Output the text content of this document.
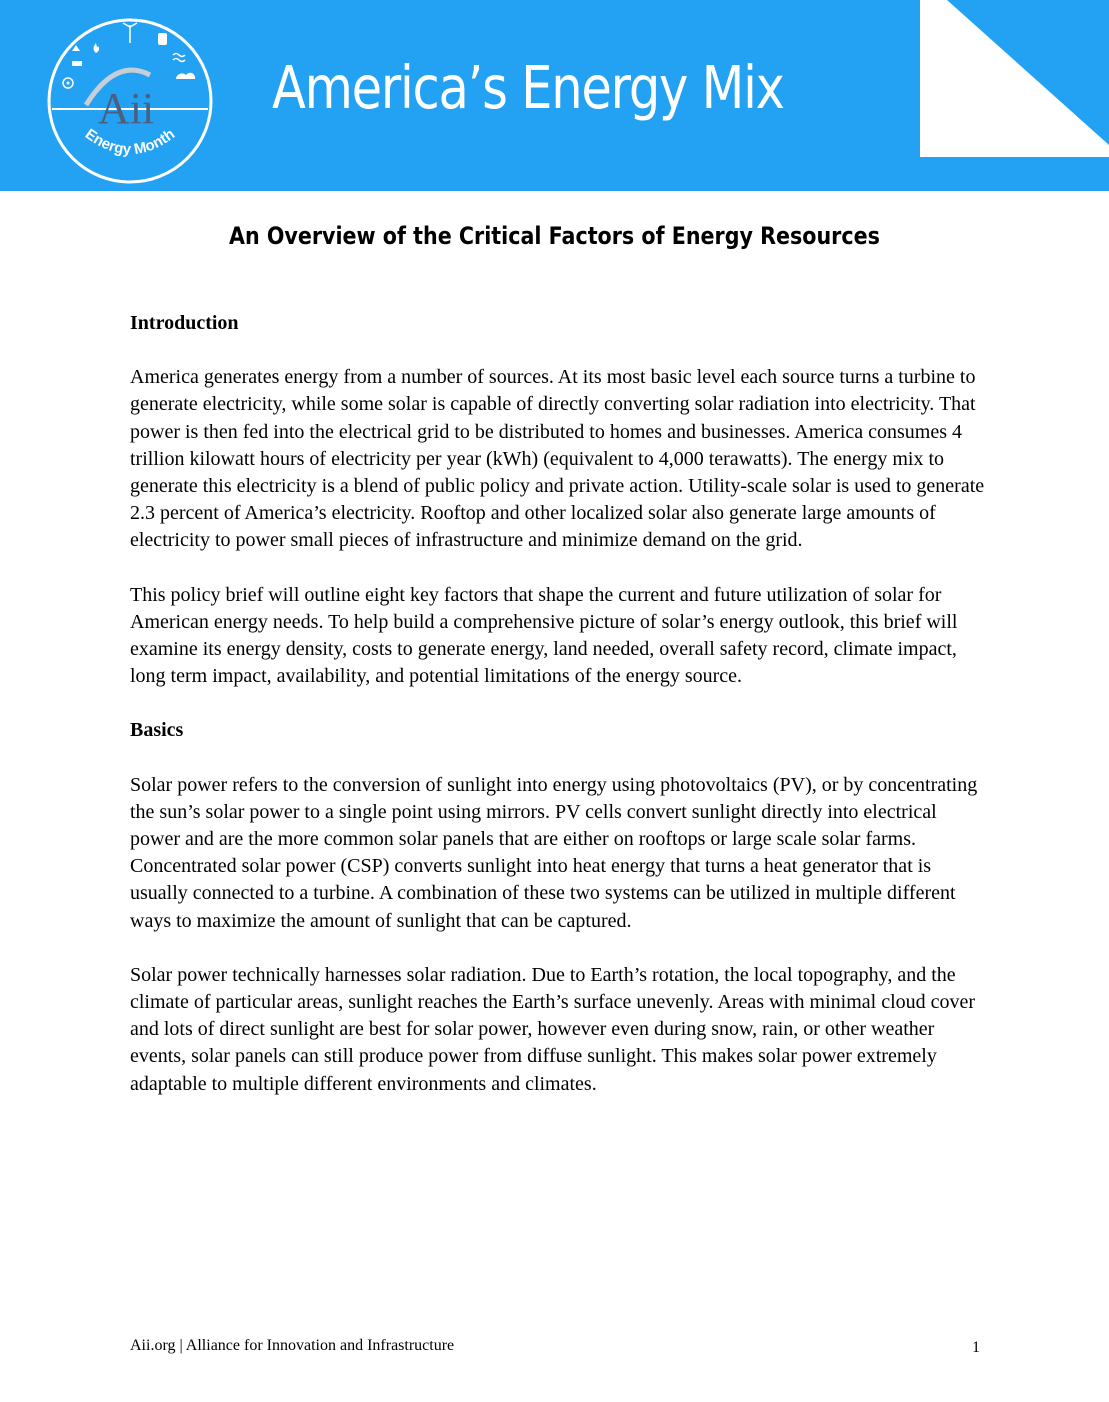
Aii
Energy Month
America’s Energy Mix
An Overview of the Critical Factors of Energy Resources
Introduction

America generates energy from a number of sources. At its most basic level each source turns a turbine to generate electricity, while some solar is capable of directly converting solar radiation into electricity. That power is then fed into the electrical grid to be distributed to homes and businesses. America consumes 4 trillion kilowatt hours of electricity per year (kWh) (equivalent to 4,000 terawatts). The energy mix to generate this electricity is a blend of public policy and private action. Utility-scale solar is used to generate 2.3 percent of America’s electricity. Rooftop and other localized solar also generate large amounts of electricity to power small pieces of infrastructure and minimize demand on the grid.

This policy brief will outline eight key factors that shape the current and future utilization of solar for American energy needs. To help build a comprehensive picture of solar’s energy outlook, this brief will examine its energy density, costs to generate energy, land needed, overall safety record, climate impact, long term impact, availability, and potential limitations of the energy source.

Basics

Solar power refers to the conversion of sunlight into energy using photovoltaics (PV), or by concentrating the sun’s solar power to a single point using mirrors. PV cells convert sunlight directly into electrical power and are the more common solar panels that are either on rooftops or large scale solar farms. Concentrated solar power (CSP) converts sunlight into heat energy that turns a heat generator that is usually connected to a turbine. A combination of these two systems can be utilized in multiple different ways to maximize the amount of sunlight that can be captured.

Solar power technically harnesses solar radiation. Due to Earth’s rotation, the local topography, and the climate of particular areas, sunlight reaches the Earth’s surface unevenly. Areas with minimal cloud cover and lots of direct sunlight are best for solar power, however even during snow, rain, or other weather events, solar panels can still produce power from diffuse sunlight. This makes solar power extremely adaptable to multiple different environments and climates.

Aii.org | Alliance for Innovation and Infrastructure	1
